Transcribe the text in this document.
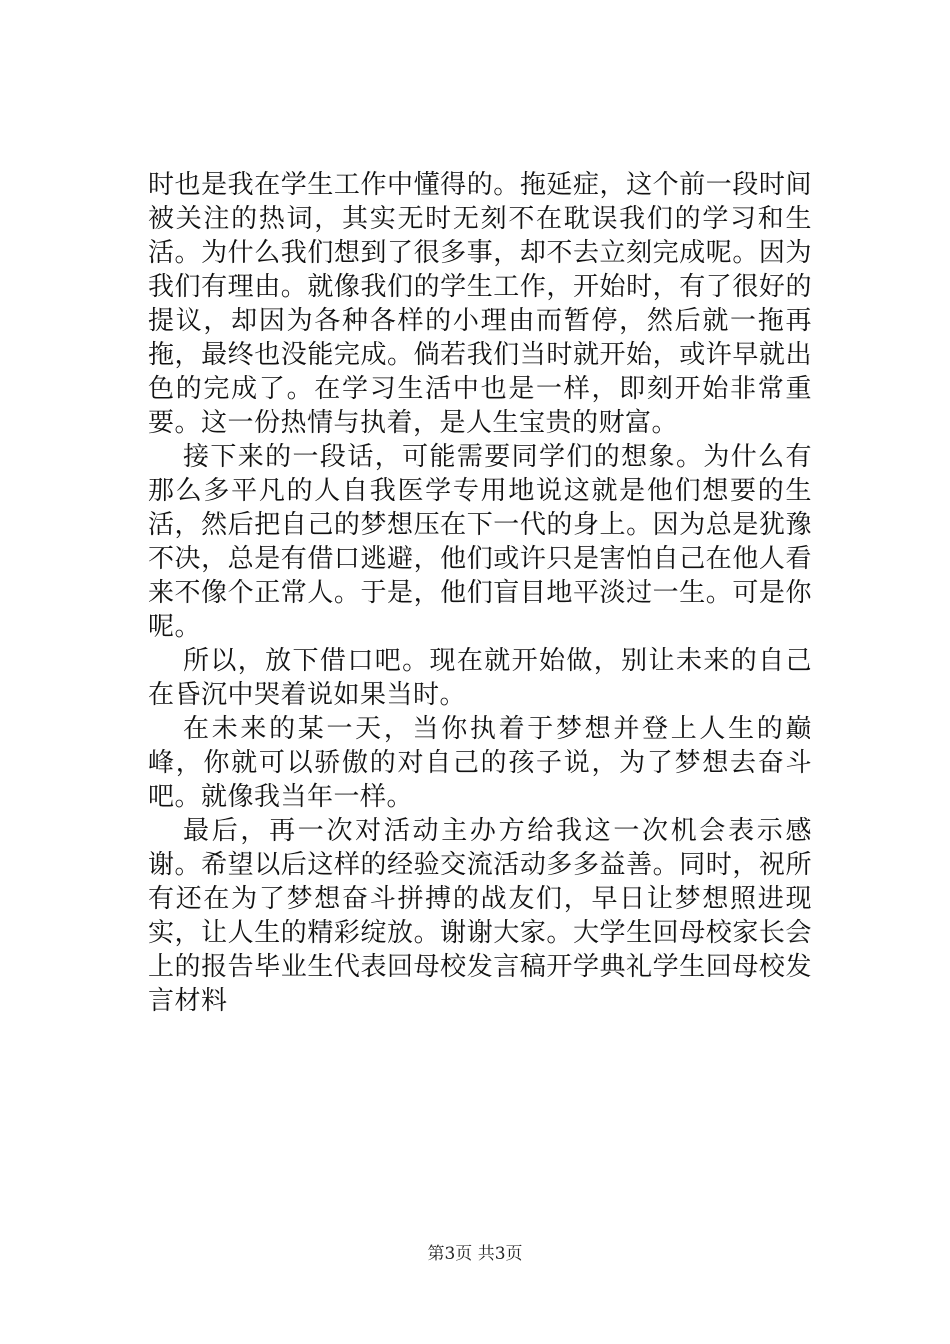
时也是我在学生工作中懂得的。拖延症，这个前一段时间被关注的热词，其实无时无刻不在耽误我们的学习和生活。为什么我们想到了很多事，却不去立刻完成呢。因为我们有理由。就像我们的学生工作，开始时，有了很好的提议，却因为各种各样的小理由而暂停，然后就一拖再拖，最终也没能完成。倘若我们当时就开始，或许早就出色的完成了。在学习生活中也是一样，即刻开始非常重要。这一份热情与执着，是人生宝贵的财富。

接下来的一段话，可能需要同学们的想象。为什么有那么多平凡的人自我医学专用地说这就是他们想要的生活，然后把自己的梦想压在下一代的身上。因为总是犹豫不决，总是有借口逃避，他们或许只是害怕自己在他人看来不像个正常人。于是，他们盲目地平淡过一生。可是你呢。

所以，放下借口吧。现在就开始做，别让未来的自己在昏沉中哭着说如果当时。

在未来的某一天，当你执着于梦想并登上人生的巅峰，你就可以骄傲的对自己的孩子说，为了梦想去奋斗吧。就像我当年一样。

最后，再一次对活动主办方给我这一次机会表示感谢。希望以后这样的经验交流活动多多益善。同时，祝所有还在为了梦想奋斗拼搏的战友们，早日让梦想照进现实，让人生的精彩绽放。谢谢大家。大学生回母校家长会上的报告毕业生代表回母校发言稿开学典礼学生回母校发言材料

第3页 共3页
